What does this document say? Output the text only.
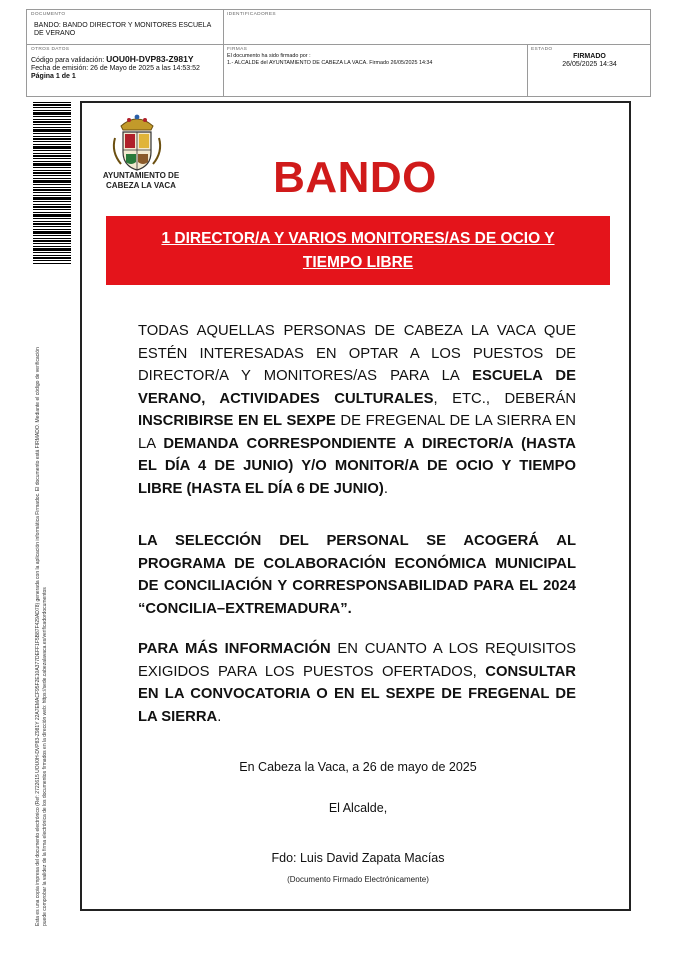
DOCUMENTO
BANDO: BANDO DIRECTOR Y MONITORES ESCUELA DE VERANO
IDENTIFICADORES
OTROS DATOS
Código para validación: UOU0H-DVP83-Z981Y
Fecha de emisión: 26 de Mayo de 2025 a las 14:53:52
Página 1 de 1
FIRMAS
El documento ha sido firmado por :
1.- ALCALDE del AYUNTAMIENTO DE CABEZA LA VACA. Firmado 26/05/2025 14:34
ESTADO
FIRMADO
26/05/2025 14:34
Esta es una copia impresa del documento electrónico (Ref: 2722615 UOU0H-DVP83-Z981Y 22A7EMACF95F2E10A377DEFF1F5B87F429AD78) generada con la aplicación informática Firmadoc. El documento está FIRMADO. Mediante el código de verificación puede comprobar la validez de la firma electrónica de los documentos firmados en la dirección web: https://sede.cabezalavaca.es/verificadordocumentos
AYUNTAMIENTO DE
CABEZA LA VACA	BANDO
1 DIRECTOR/A Y VARIOS MONITORES/AS DE OCIO Y
TIEMPO LIBRE
TODAS AQUELLAS PERSONAS DE CABEZA LA VACA QUE ESTÉN INTERESADAS EN OPTAR A LOS PUESTOS DE DIRECTOR/A Y MONITORES/AS PARA LA ESCUELA DE VERANO, ACTIVIDADES CULTURALES, ETC., DEBERÁN INSCRIBIRSE EN EL SEXPE DE FREGENAL DE LA SIERRA EN LA DEMANDA CORRESPONDIENTE A DIRECTOR/A (HASTA EL DÍA 4 DE JUNIO) Y/O MONITOR/A DE OCIO Y TIEMPO LIBRE (HASTA EL DÍA 6 DE JUNIO).
LA SELECCIÓN DEL PERSONAL SE ACOGERÁ AL PROGRAMA DE COLABORACIÓN ECONÓMICA MUNICIPAL DE CONCILIACIÓN Y CORRESPONSABILIDAD PARA EL 2024 “CONCILIA–EXTREMADURA”.
PARA MÁS INFORMACIÓN EN CUANTO A LOS REQUISITOS EXIGIDOS PARA LOS PUESTOS OFERTADOS, CONSULTAR EN LA CONVOCATORIA O EN EL SEXPE DE FREGENAL DE LA SIERRA.
En Cabeza la Vaca, a 26 de mayo de 2025
El Alcalde,
Fdo: Luis David Zapata Macías
(Documento Firmado Electrónicamente)
